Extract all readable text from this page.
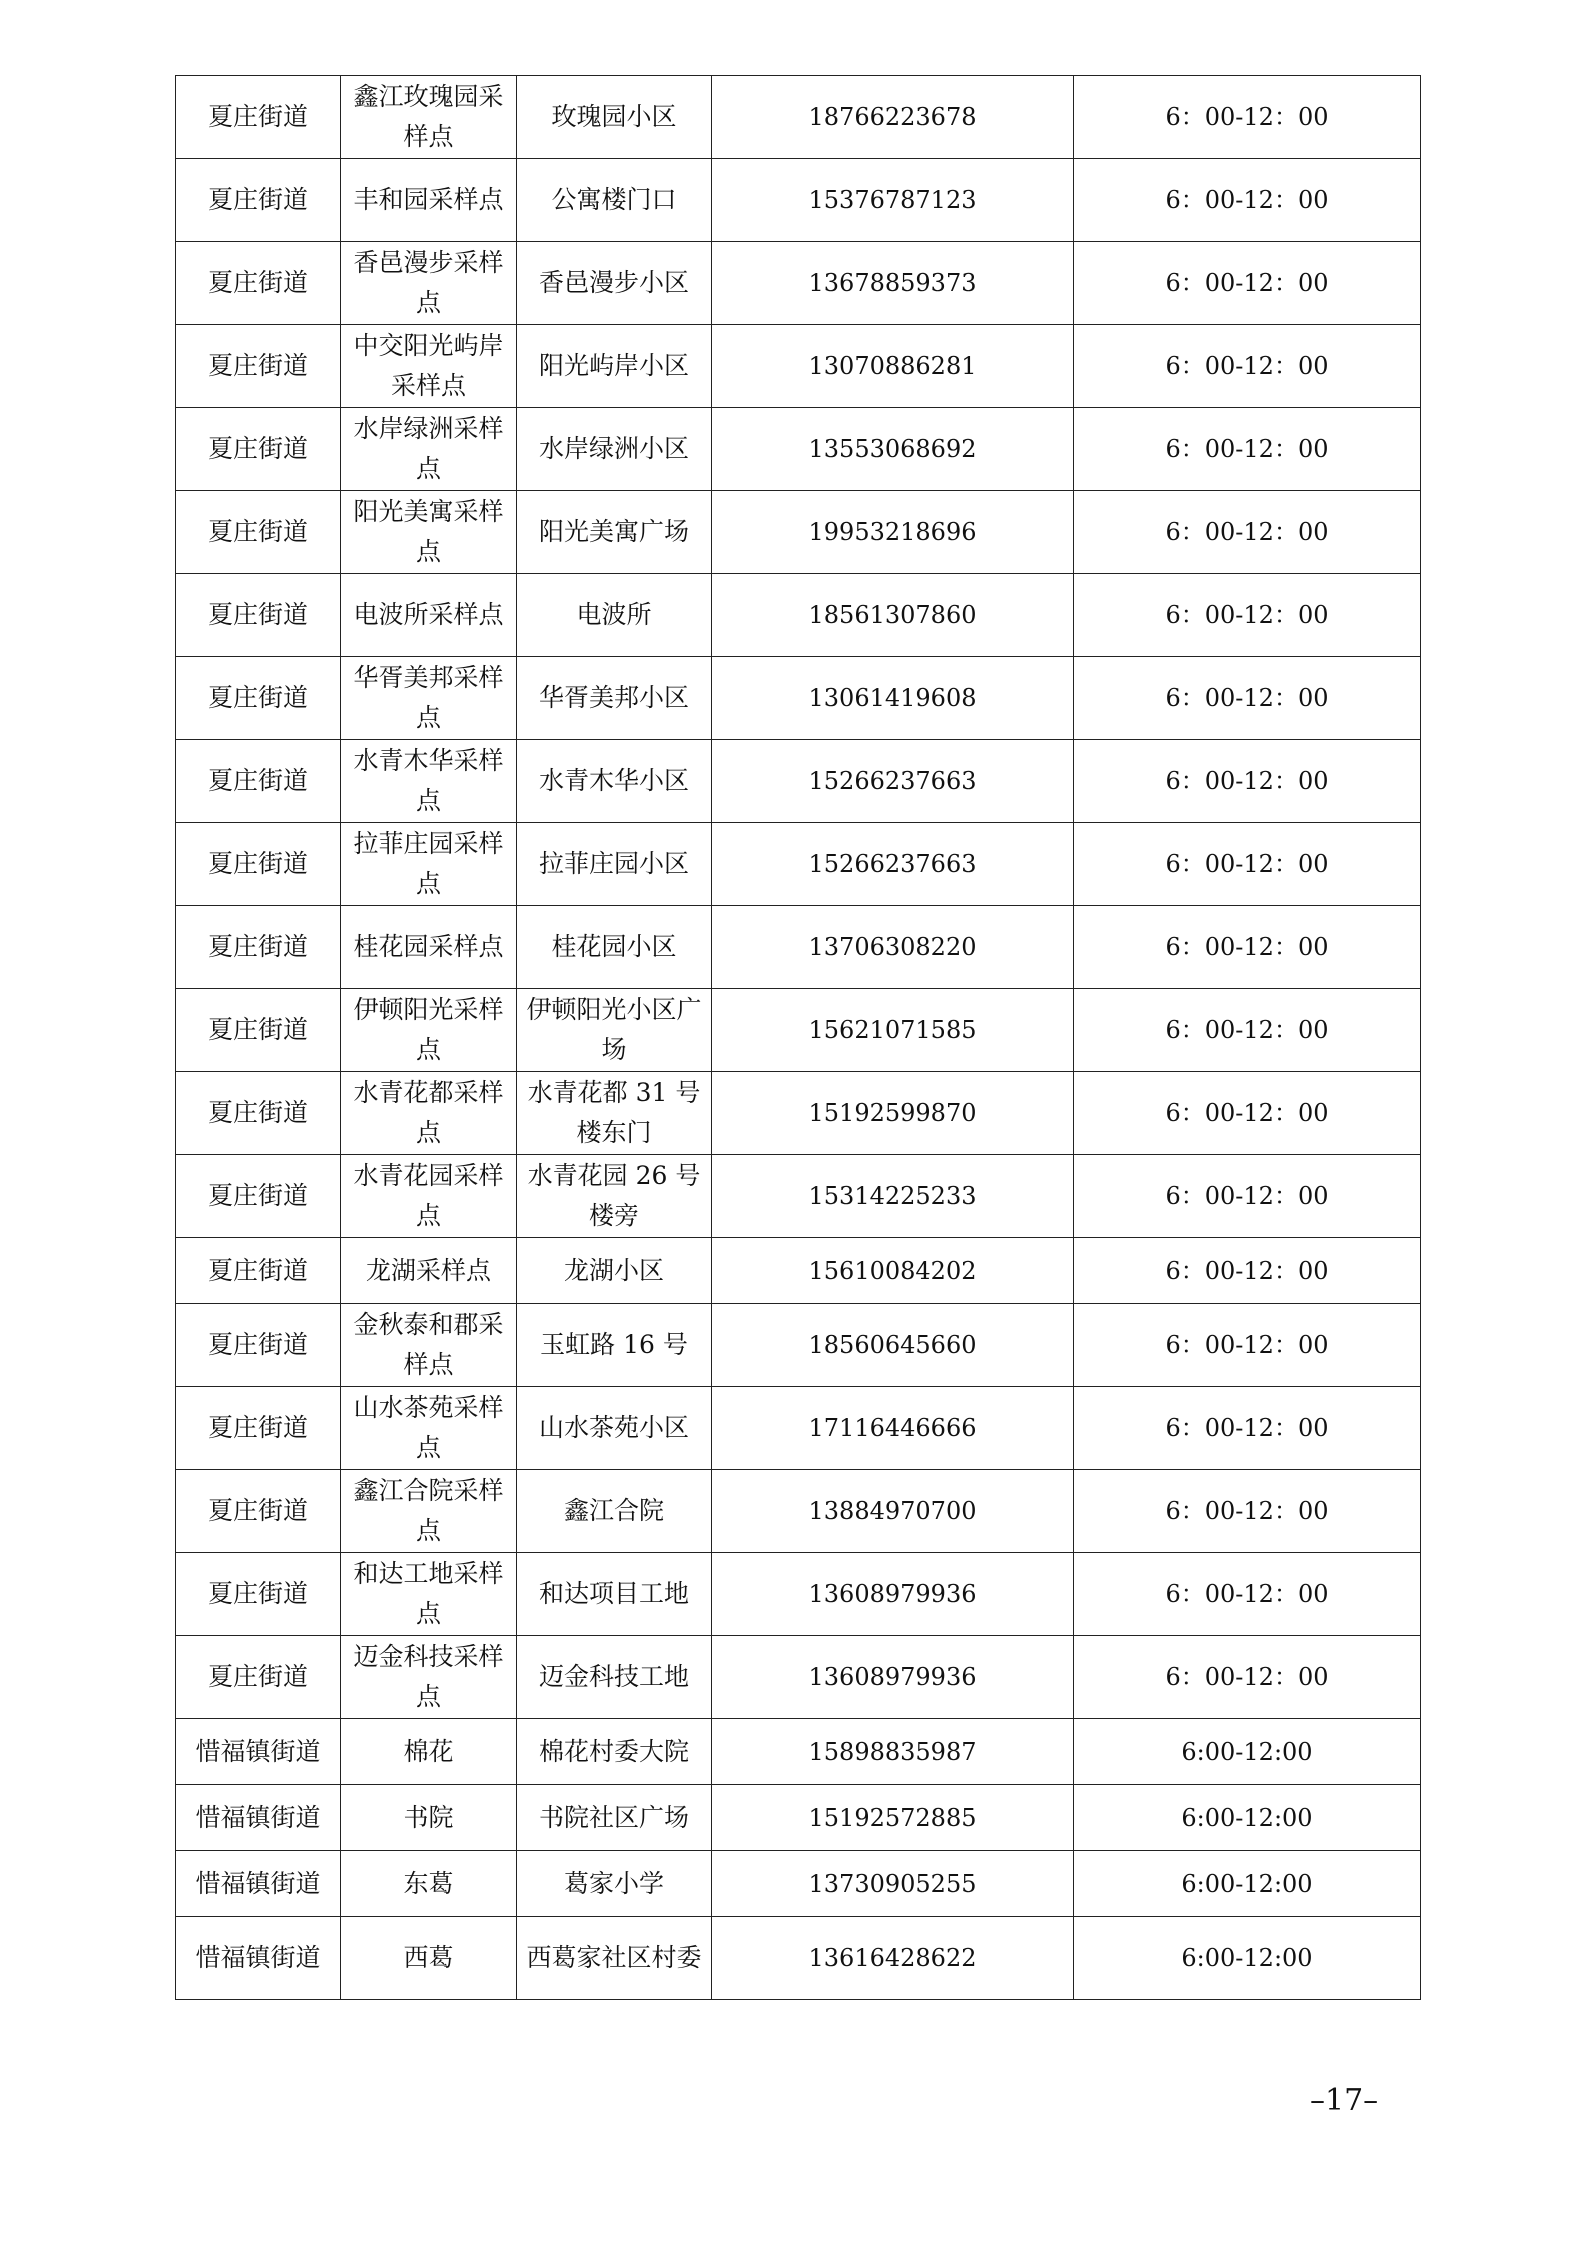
夏庄街道	鑫江玫瑰园采样点	玫瑰园小区	18766223678	6：00-12：00
夏庄街道	丰和园采样点	公寓楼门口	15376787123	6：00-12：00
夏庄街道	香邑漫步采样点	香邑漫步小区	13678859373	6：00-12：00
夏庄街道	中交阳光屿岸采样点	阳光屿岸小区	13070886281	6：00-12：00
夏庄街道	水岸绿洲采样点	水岸绿洲小区	13553068692	6：00-12：00
夏庄街道	阳光美寓采样点	阳光美寓广场	19953218696	6：00-12：00
夏庄街道	电波所采样点	电波所	18561307860	6：00-12：00
夏庄街道	华胥美邦采样点	华胥美邦小区	13061419608	6：00-12：00
夏庄街道	水青木华采样点	水青木华小区	15266237663	6：00-12：00
夏庄街道	拉菲庄园采样点	拉菲庄园小区	15266237663	6：00-12：00
夏庄街道	桂花园采样点	桂花园小区	13706308220	6：00-12：00
夏庄街道	伊顿阳光采样点	伊顿阳光小区广场	15621071585	6：00-12：00
夏庄街道	水青花都采样点	水青花都 31 号楼东门	15192599870	6：00-12：00
夏庄街道	水青花园采样点	水青花园 26 号楼旁	15314225233	6：00-12：00
夏庄街道	龙湖采样点	龙湖小区	15610084202	6：00-12：00
夏庄街道	金秋泰和郡采样点	玉虹路 16 号	18560645660	6：00-12：00
夏庄街道	山水茶苑采样点	山水茶苑小区	17116446666	6：00-12：00
夏庄街道	鑫江合院采样点	鑫江合院	13884970700	6：00-12：00
夏庄街道	和达工地采样点	和达项目工地	13608979936	6：00-12：00
夏庄街道	迈金科技采样点	迈金科技工地	13608979936	6：00-12：00
惜福镇街道	棉花	棉花村委大院	15898835987	6:00-12:00
惜福镇街道	书院	书院社区广场	15192572885	6:00-12:00
惜福镇街道	东葛	葛家小学	13730905255	6:00-12:00
惜福镇街道	西葛	西葛家社区村委	13616428622	6:00-12:00
–17–
